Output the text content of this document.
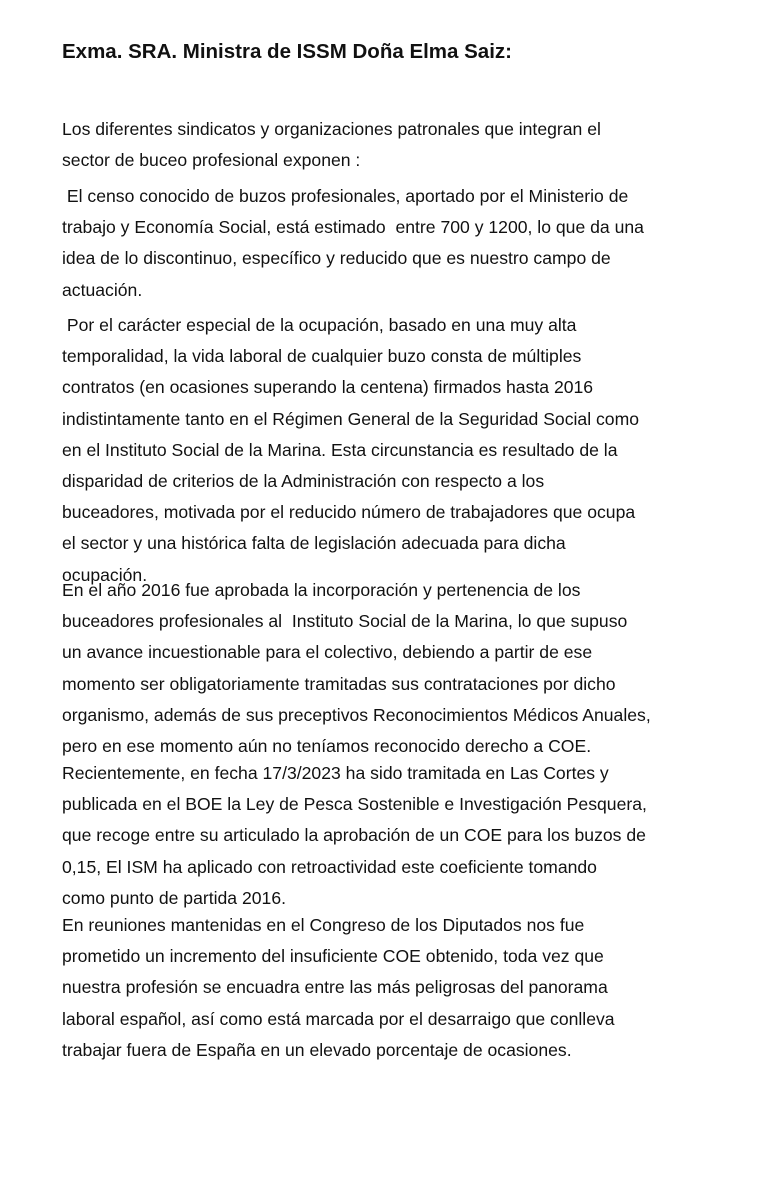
Exma. SRA. Ministra de ISSM Doña Elma Saiz:
Los diferentes sindicatos y organizaciones patronales que integran el
sector de buceo profesional exponen :
El censo conocido de buzos profesionales, aportado por el Ministerio de
trabajo y Economía Social, está estimado  entre 700 y 1200, lo que da una
idea de lo discontinuo, específico y reducido que es nuestro campo de
actuación.
Por el carácter especial de la ocupación, basado en una muy alta
temporalidad, la vida laboral de cualquier buzo consta de múltiples
contratos (en ocasiones superando la centena) firmados hasta 2016
indistintamente tanto en el Régimen General de la Seguridad Social como
en el Instituto Social de la Marina. Esta circunstancia es resultado de la
disparidad de criterios de la Administración con respecto a los
buceadores, motivada por el reducido número de trabajadores que ocupa
el sector y una histórica falta de legislación adecuada para dicha
ocupación.
En el año 2016 fue aprobada la incorporación y pertenencia de los
buceadores profesionales al  Instituto Social de la Marina, lo que supuso
un avance incuestionable para el colectivo, debiendo a partir de ese
momento ser obligatoriamente tramitadas sus contrataciones por dicho
organismo, además de sus preceptivos Reconocimientos Médicos Anuales,
pero en ese momento aún no teníamos reconocido derecho a COE.
Recientemente, en fecha 17/3/2023 ha sido tramitada en Las Cortes y
publicada en el BOE la Ley de Pesca Sostenible e Investigación Pesquera,
que recoge entre su articulado la aprobación de un COE para los buzos de
0,15, El ISM ha aplicado con retroactividad este coeficiente tomando
como punto de partida 2016.
En reuniones mantenidas en el Congreso de los Diputados nos fue
prometido un incremento del insuficiente COE obtenido, toda vez que
nuestra profesión se encuadra entre las más peligrosas del panorama
laboral español, así como está marcada por el desarraigo que conlleva
trabajar fuera de España en un elevado porcentaje de ocasiones.
